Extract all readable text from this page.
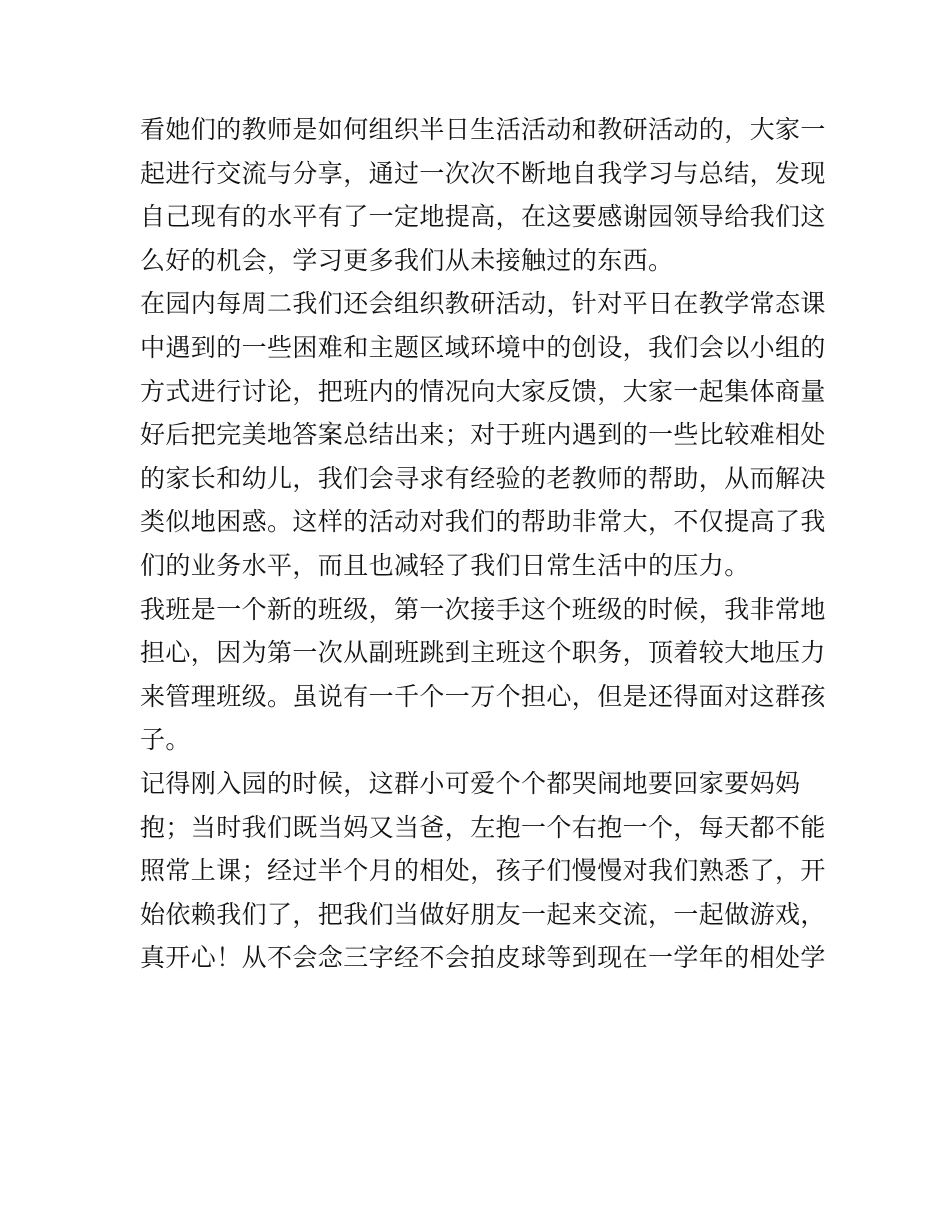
看她们的教师是如何组织半日生活活动和教研活动的，大家一
起进行交流与分享，通过一次次不断地自我学习与总结，发现
自己现有的水平有了一定地提高，在这要感谢园领导给我们这
么好的机会，学习更多我们从未接触过的东西。
在园内每周二我们还会组织教研活动，针对平日在教学常态课
中遇到的一些困难和主题区域环境中的创设，我们会以小组的
方式进行讨论，把班内的情况向大家反馈，大家一起集体商量
好后把完美地答案总结出来；对于班内遇到的一些比较难相处
的家长和幼儿，我们会寻求有经验的老教师的帮助，从而解决
类似地困惑。这样的活动对我们的帮助非常大，不仅提高了我
们的业务水平，而且也减轻了我们日常生活中的压力。
我班是一个新的班级，第一次接手这个班级的时候，我非常地
担心，因为第一次从副班跳到主班这个职务，顶着较大地压力
来管理班级。虽说有一千个一万个担心，但是还得面对这群孩
子。
记得刚入园的时候，这群小可爱个个都哭闹地要回家要妈妈
抱；当时我们既当妈又当爸，左抱一个右抱一个，每天都不能
照常上课；经过半个月的相处，孩子们慢慢对我们熟悉了，开
始依赖我们了，把我们当做好朋友一起来交流，一起做游戏，
真开心！从不会念三字经不会拍皮球等到现在一学年的相处学
